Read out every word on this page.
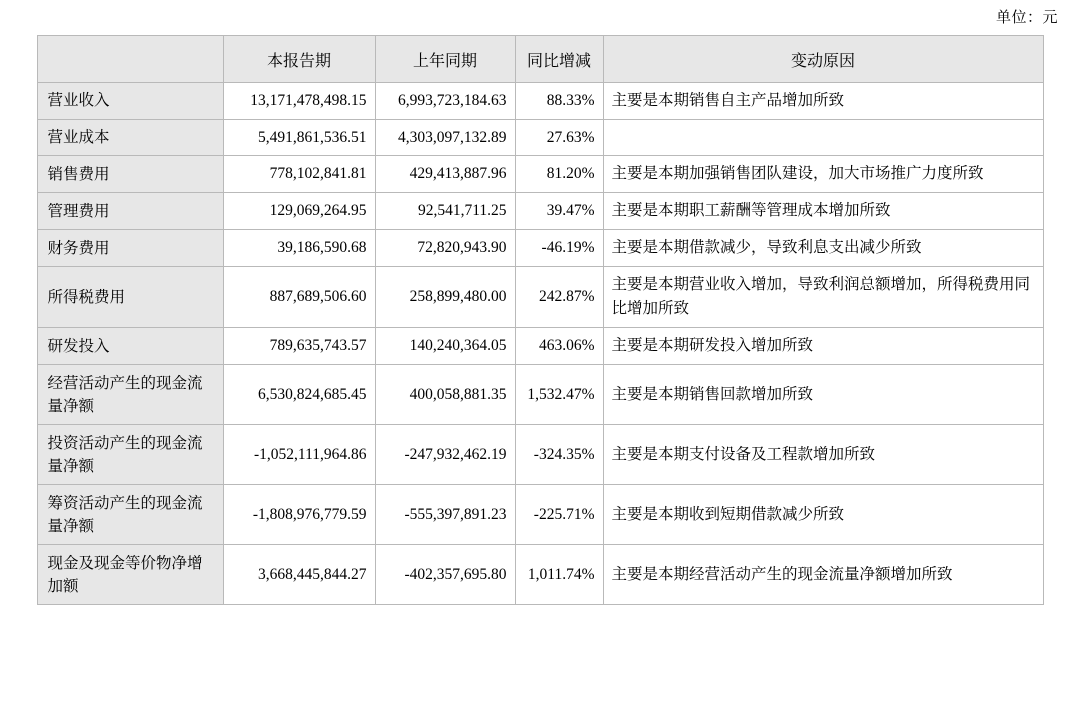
单位：元
	本报告期	上年同期	同比增减	变动原因
营业收入	13,171,478,498.15	6,993,723,184.63	88.33%	主要是本期销售自主产品增加所致
营业成本	5,491,861,536.51	4,303,097,132.89	27.63%	
销售费用	778,102,841.81	429,413,887.96	81.20%	主要是本期加强销售团队建设，加大市场推广力度所致
管理费用	129,069,264.95	92,541,711.25	39.47%	主要是本期职工薪酬等管理成本增加所致
财务费用	39,186,590.68	72,820,943.90	-46.19%	主要是本期借款减少，导致利息支出减少所致
所得税费用	887,689,506.60	258,899,480.00	242.87%	主要是本期营业收入增加，导致利润总额增加，所得税费用同比增加所致
研发投入	789,635,743.57	140,240,364.05	463.06%	主要是本期研发投入增加所致
经营活动产生的现金流量净额	6,530,824,685.45	400,058,881.35	1,532.47%	主要是本期销售回款增加所致
投资活动产生的现金流量净额	-1,052,111,964.86	-247,932,462.19	-324.35%	主要是本期支付设备及工程款增加所致
筹资活动产生的现金流量净额	-1,808,976,779.59	-555,397,891.23	-225.71%	主要是本期收到短期借款减少所致
现金及现金等价物净增加额	3,668,445,844.27	-402,357,695.80	1,011.74%	主要是本期经营活动产生的现金流量净额增加所致
